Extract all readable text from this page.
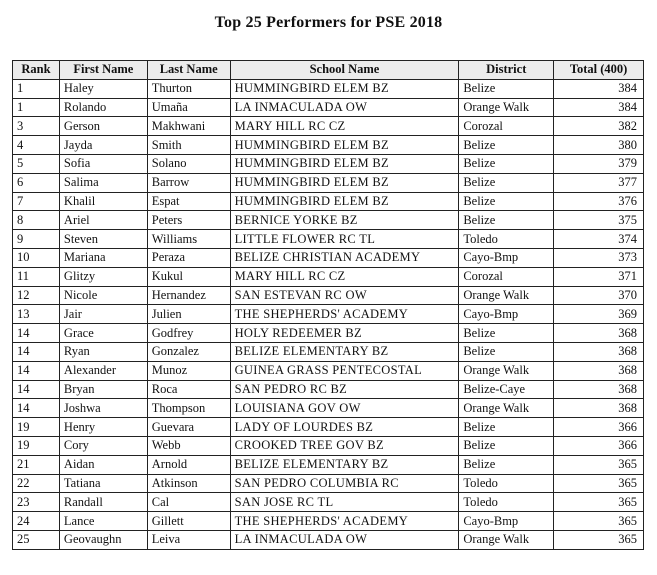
Top 25 Performers for PSE 2018
Rank	First Name	Last Name	School Name	District	Total (400)
1	Haley	Thurton	HUMMINGBIRD ELEM BZ	Belize	384
1	Rolando	Umaña	LA INMACULADA OW	Orange Walk	384
3	Gerson	Makhwani	MARY HILL RC CZ	Corozal	382
4	Jayda	Smith	HUMMINGBIRD ELEM BZ	Belize	380
5	Sofia	Solano	HUMMINGBIRD ELEM BZ	Belize	379
6	Salima	Barrow	HUMMINGBIRD ELEM BZ	Belize	377
7	Khalil	Espat	HUMMINGBIRD ELEM BZ	Belize	376
8	Ariel	Peters	BERNICE YORKE BZ	Belize	375
9	Steven	Williams	LITTLE FLOWER RC TL	Toledo	374
10	Mariana	Peraza	BELIZE CHRISTIAN ACADEMY	Cayo-Bmp	373
11	Glitzy	Kukul	MARY HILL RC CZ	Corozal	371
12	Nicole	Hernandez	SAN ESTEVAN RC OW	Orange Walk	370
13	Jair	Julien	THE SHEPHERDS' ACADEMY	Cayo-Bmp	369
14	Grace	Godfrey	HOLY REDEEMER BZ	Belize	368
14	Ryan	Gonzalez	BELIZE ELEMENTARY BZ	Belize	368
14	Alexander	Munoz	GUINEA GRASS PENTECOSTAL	Orange Walk	368
14	Bryan	Roca	SAN PEDRO RC BZ	Belize-Caye	368
14	Joshwa	Thompson	LOUISIANA GOV OW	Orange Walk	368
19	Henry	Guevara	LADY OF LOURDES BZ	Belize	366
19	Cory	Webb	CROOKED TREE GOV BZ	Belize	366
21	Aidan	Arnold	BELIZE ELEMENTARY BZ	Belize	365
22	Tatiana	Atkinson	SAN PEDRO COLUMBIA RC	Toledo	365
23	Randall	Cal	SAN JOSE RC TL	Toledo	365
24	Lance	Gillett	THE SHEPHERDS' ACADEMY	Cayo-Bmp	365
25	Geovaughn	Leiva	LA INMACULADA OW	Orange Walk	365
